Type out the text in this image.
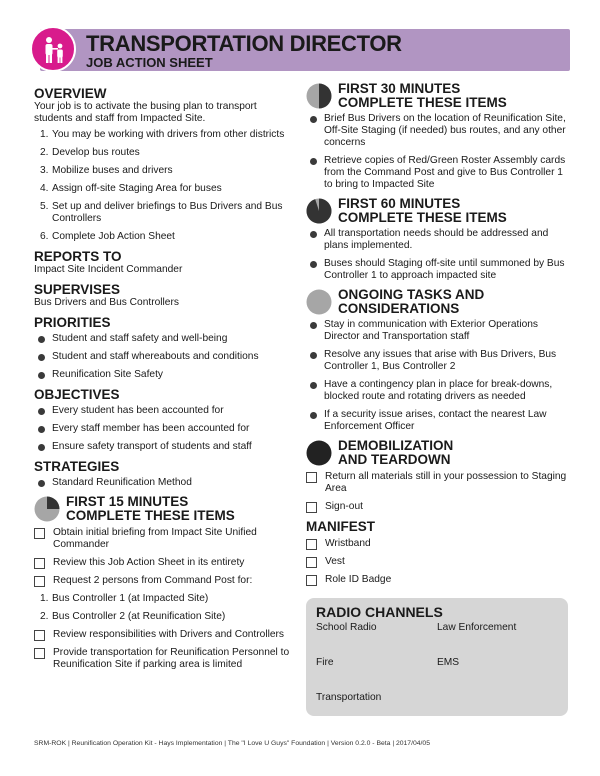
TRANSPORTATION DIRECTOR
JOB ACTION SHEET
OVERVIEW

Your job is to activate the busing plan to transport students and staff from Impacted Site.

1. You may be working with drivers from other districts
2. Develop bus routes
3. Mobilize buses and drivers
4. Assign off-site Staging Area for buses
5. Set up and deliver briefings to Bus Drivers and Bus Controllers
6. Complete Job Action Sheet
REPORTS TO

Impact Site Incident Commander

SUPERVISES

Bus Drivers and Bus Controllers

PRIORITIES
Student and staff safety and well-being
Student and staff whereabouts and conditions
Reunification Site Safety
OBJECTIVES
Every student has been accounted for
Every staff member has been accounted for
Ensure safety transport of students and staff
STRATEGIES
Standard Reunification Method
FIRST 15 MINUTES
COMPLETE THESE ITEMS
Obtain initial briefing from Impact Site Unified Commander
Review this Job Action Sheet in its entirety
Request 2 persons from Command Post for:
1. Bus Controller 1 (at Impacted Site)
2. Bus Controller 2 (at Reunification Site)
Review responsibilities with Drivers and Controllers
Provide transportation for Reunification Personnel to Reunification Site if parking area is limited
FIRST 30 MINUTES
COMPLETE THESE ITEMS
Brief Bus Drivers on the location of Reunification Site, Off-Site Staging (if needed) bus routes, and any other concerns
Retrieve copies of Red/Green Roster Assembly cards from the Command Post and give to Bus Controller 1 to bring to Impacted Site
FIRST 60 MINUTES
COMPLETE THESE ITEMS
All transportation needs should be addressed and plans implemented.
Buses should Staging off-site until summoned by Bus Controller 1 to approach impacted site
ONGOING TASKS AND
CONSIDERATIONS
Stay in communication with Exterior Operations Director and Transportation staff
Resolve any issues that arise with Bus Drivers, Bus Controller 1, Bus Controller 2
Have a contingency plan in place for break-downs, blocked route and rotating drivers as needed
If a security issue arises, contact the nearest Law Enforcement Officer
DEMOBILIZATION
AND TEARDOWN
Return all materials still in your possession to Staging Area
Sign-out
MANIFEST
Wristband
Vest
Role ID Badge
RADIO CHANNELS
School Radio	Law Enforcement
Fire	EMS
Transportation
SRM-ROK | Reunification Operation Kit - Hays Implementation | The "I Love U Guys" Foundation | Version 0.2.0 - Beta | 2017/04/05
